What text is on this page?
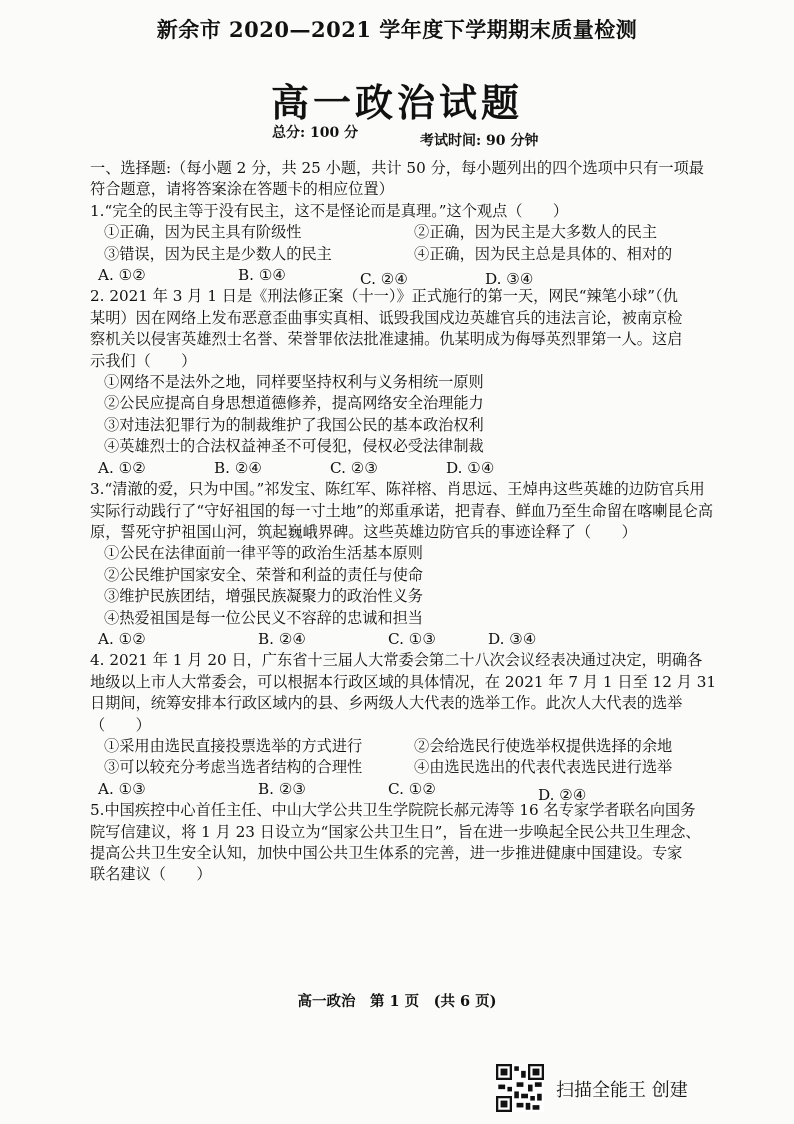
新余市 2020—2021 学年度下学期期末质量检测
高一政治试题
总分: 100 分	考试时间: 90 分钟

一、选择题:（每小题 2 分，共 25 小题，共计 50 分，每小题列出的四个选项中只有一项最

符合题意，请将答案涂在答题卡的相应位置）

1.“完全的民主等于没有民主，这不是怪论而是真理。”这个观点（　　）

①正确，因为民主具有阶级性	②正确，因为民主是大多数人的民主
③错误，因为民主是少数人的民主	④正确，因为民主总是具体的、相对的
A. ①②	B. ①④	C. ②④	D. ③④

2. 2021 年 3 月 1 日是《刑法修正案（十一）》正式施行的第一天，网民“辣笔小球”（仇

某明）因在网络上发布恶意歪曲事实真相、诋毁我国戍边英雄官兵的违法言论，被南京检

察机关以侵害英雄烈士名誉、荣誉罪依法批准逮捕。仇某明成为侮辱英烈罪第一人。这启

示我们（　　）

①网络不是法外之地，同样要坚持权利与义务相统一原则

②公民应提高自身思想道德修养，提高网络安全治理能力

③对违法犯罪行为的制裁维护了我国公民的基本政治权利

④英雄烈士的合法权益神圣不可侵犯，侵权必受法律制裁

A. ①②	B. ②④	C. ②③	D. ①④

3.“清澈的爱，只为中国。”祁发宝、陈红军、陈祥榕、肖思远、王焯冉这些英雄的边防官兵用

实际行动践行了“守好祖国的每一寸土地”的郑重承诺，把青春、鲜血乃至生命留在喀喇昆仑高

原，誓死守护祖国山河，筑起巍峨界碑。这些英雄边防官兵的事迹诠释了（　　）

①公民在法律面前一律平等的政治生活基本原则

②公民维护国家安全、荣誉和利益的责任与使命

③维护民族团结，增强民族凝聚力的政治性义务

④热爱祖国是每一位公民义不容辞的忠诚和担当

A. ①②	B. ②④	C. ①③	D. ③④

4. 2021 年 1 月 20 日，广东省十三届人大常委会第二十八次会议经表决通过决定，明确各

地级以上市人大常委会，可以根据本行政区域的具体情况，在 2021 年 7 月 1 日至 12 月 31

日期间，统筹安排本行政区域内的县、乡两级人大代表的选举工作。此次人大代表的选举

（　　）

①采用由选民直接投票选举的方式进行	②会给选民行使选举权提供选择的余地
③可以较充分考虑当选者结构的合理性	④由选民选出的代表代表选民进行选举
A. ①③	B. ②③	C. ①②	D. ②④

5.中国疾控中心首任主任、中山大学公共卫生学院院长郝元涛等 16 名专家学者联名向国务

院写信建议，将 1 月 23 日设立为“国家公共卫生日”，旨在进一步唤起全民公共卫生理念、

提高公共卫生安全认知，加快中国公共卫生体系的完善，进一步推进健康中国建设。专家

联名建议（　　）

高一政治　第 1 页　(共 6 页)
扫描全能王 创建
